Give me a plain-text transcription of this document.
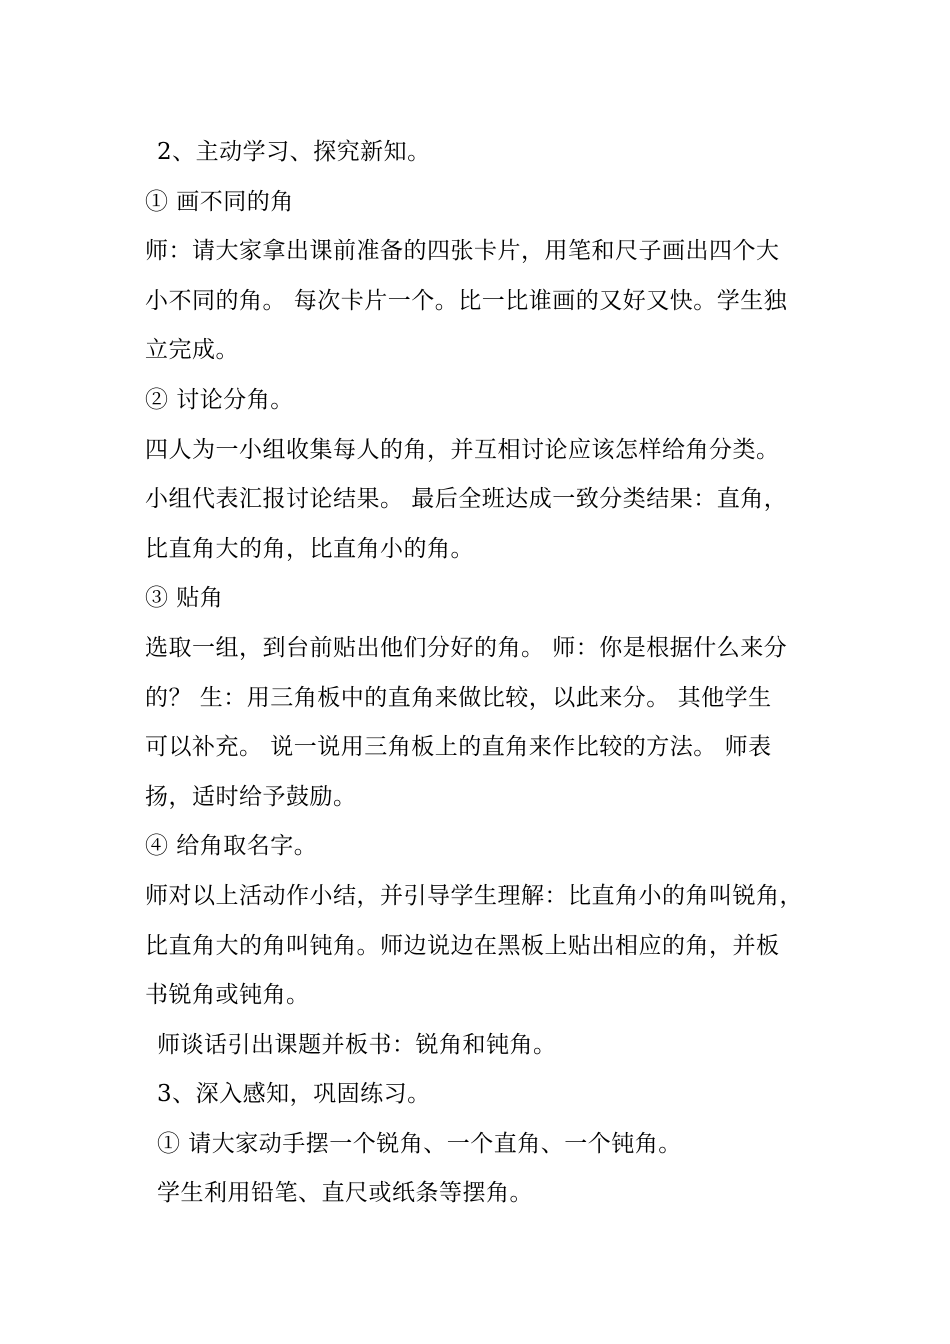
2、主动学习、探究新知。
① 画不同的角
师：请大家拿出课前准备的四张卡片，用笔和尺子画出四个大
小不同的角。 每次卡片一个。比一比谁画的又好又快。学生独
立完成。
② 讨论分角。
四人为一小组收集每人的角，并互相讨论应该怎样给角分类。
小组代表汇报讨论结果。 最后全班达成一致分类结果：直角，
比直角大的角，比直角小的角。
③ 贴角
选取一组，到台前贴出他们分好的角。 师：你是根据什么来分
的？ 生：用三角板中的直角来做比较，以此来分。 其他学生
可以补充。 说一说用三角板上的直角来作比较的方法。 师表
扬，适时给予鼓励。
④ 给角取名字。
师对以上活动作小结，并引导学生理解：比直角小的角叫锐角，
比直角大的角叫钝角。师边说边在黑板上贴出相应的角，并板
书锐角或钝角。
师谈话引出课题并板书：锐角和钝角。
3、深入感知，巩固练习。
① 请大家动手摆一个锐角、一个直角、一个钝角。
学生利用铅笔、直尺或纸条等摆角。
